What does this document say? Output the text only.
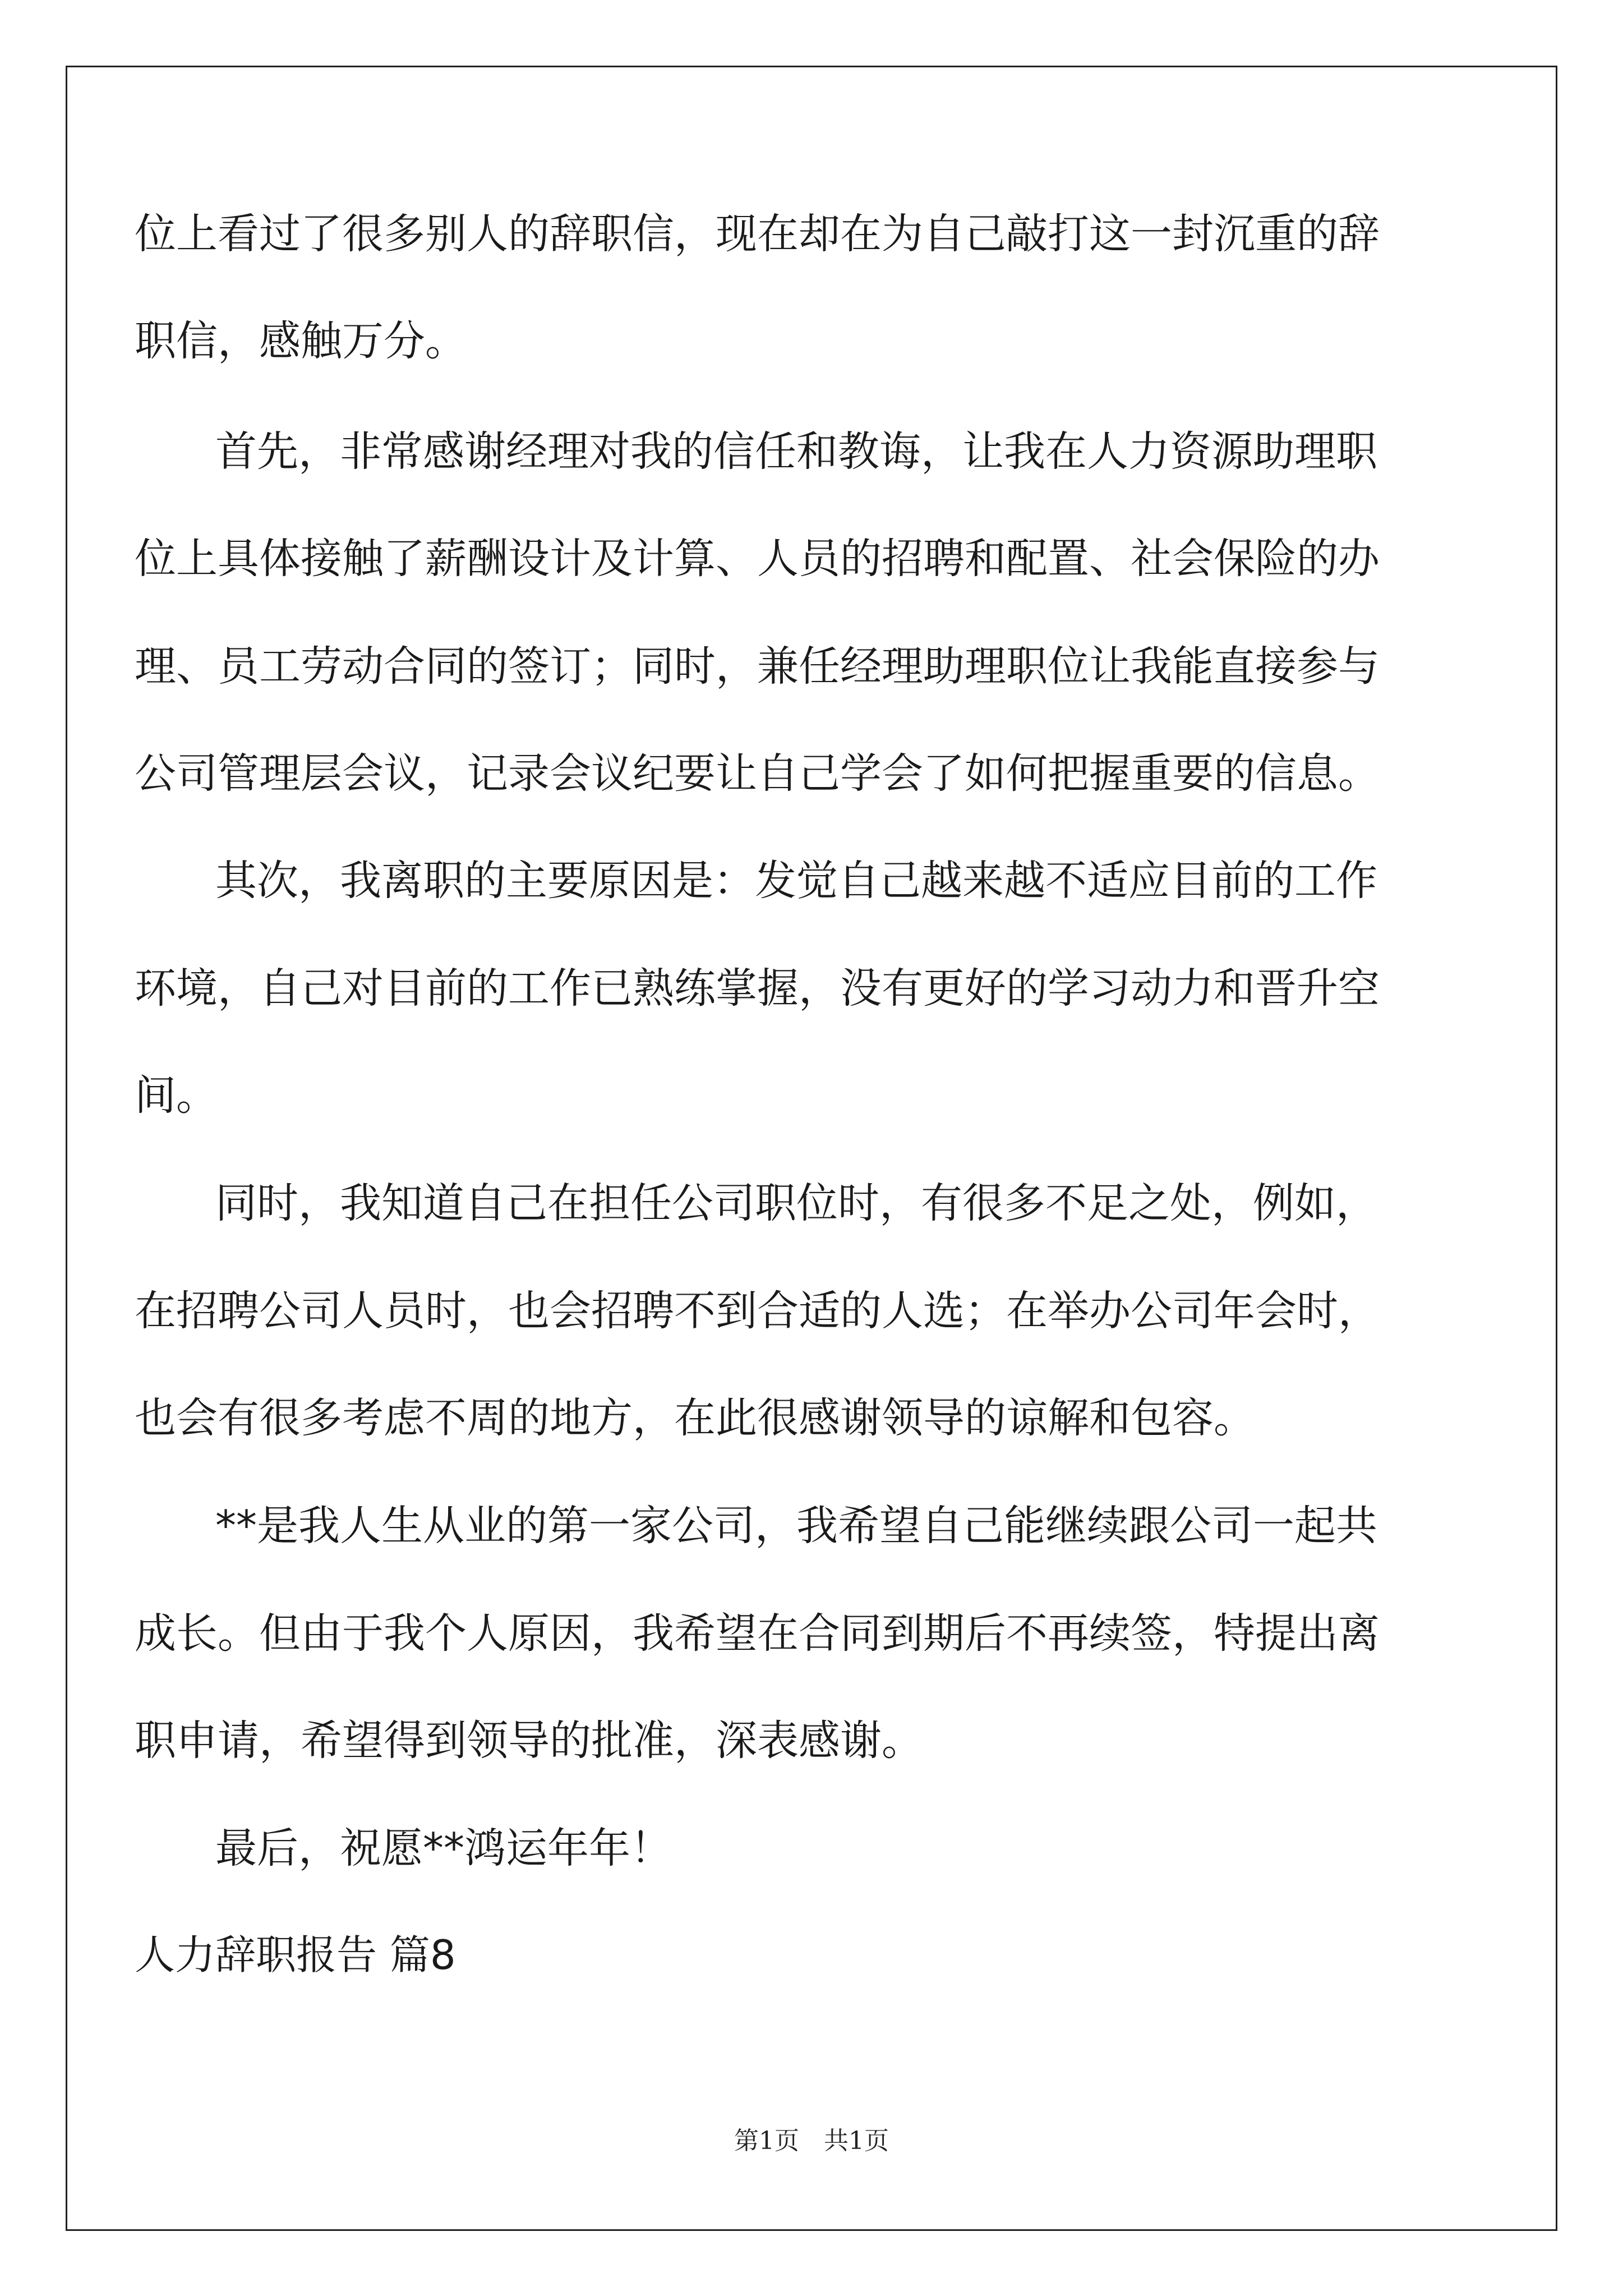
位上看过了很多别人的辞职信，现在却在为自己敲打这一封沉重的辞
职信，感触万分。
首先，非常感谢经理对我的信任和教诲，让我在人力资源助理职
位上具体接触了薪酬设计及计算、人员的招聘和配置、社会保险的办
理、员工劳动合同的签订；同时，兼任经理助理职位让我能直接参与
公司管理层会议，记录会议纪要让自己学会了如何把握重要的信息。
其次，我离职的主要原因是：发觉自己越来越不适应目前的工作
环境，自己对目前的工作已熟练掌握，没有更好的学习动力和晋升空
间。
同时，我知道自己在担任公司职位时，有很多不足之处，例如，
在招聘公司人员时，也会招聘不到合适的人选；在举办公司年会时，
也会有很多考虑不周的地方，在此很感谢领导的谅解和包容。
**是我人生从业的第一家公司，我希望自己能继续跟公司一起共
成长。但由于我个人原因，我希望在合同到期后不再续签，特提出离
职申请，希望得到领导的批准，深表感谢。
最后，祝愿**鸿运年年！
人力辞职报告 篇8
第1页　共1页
